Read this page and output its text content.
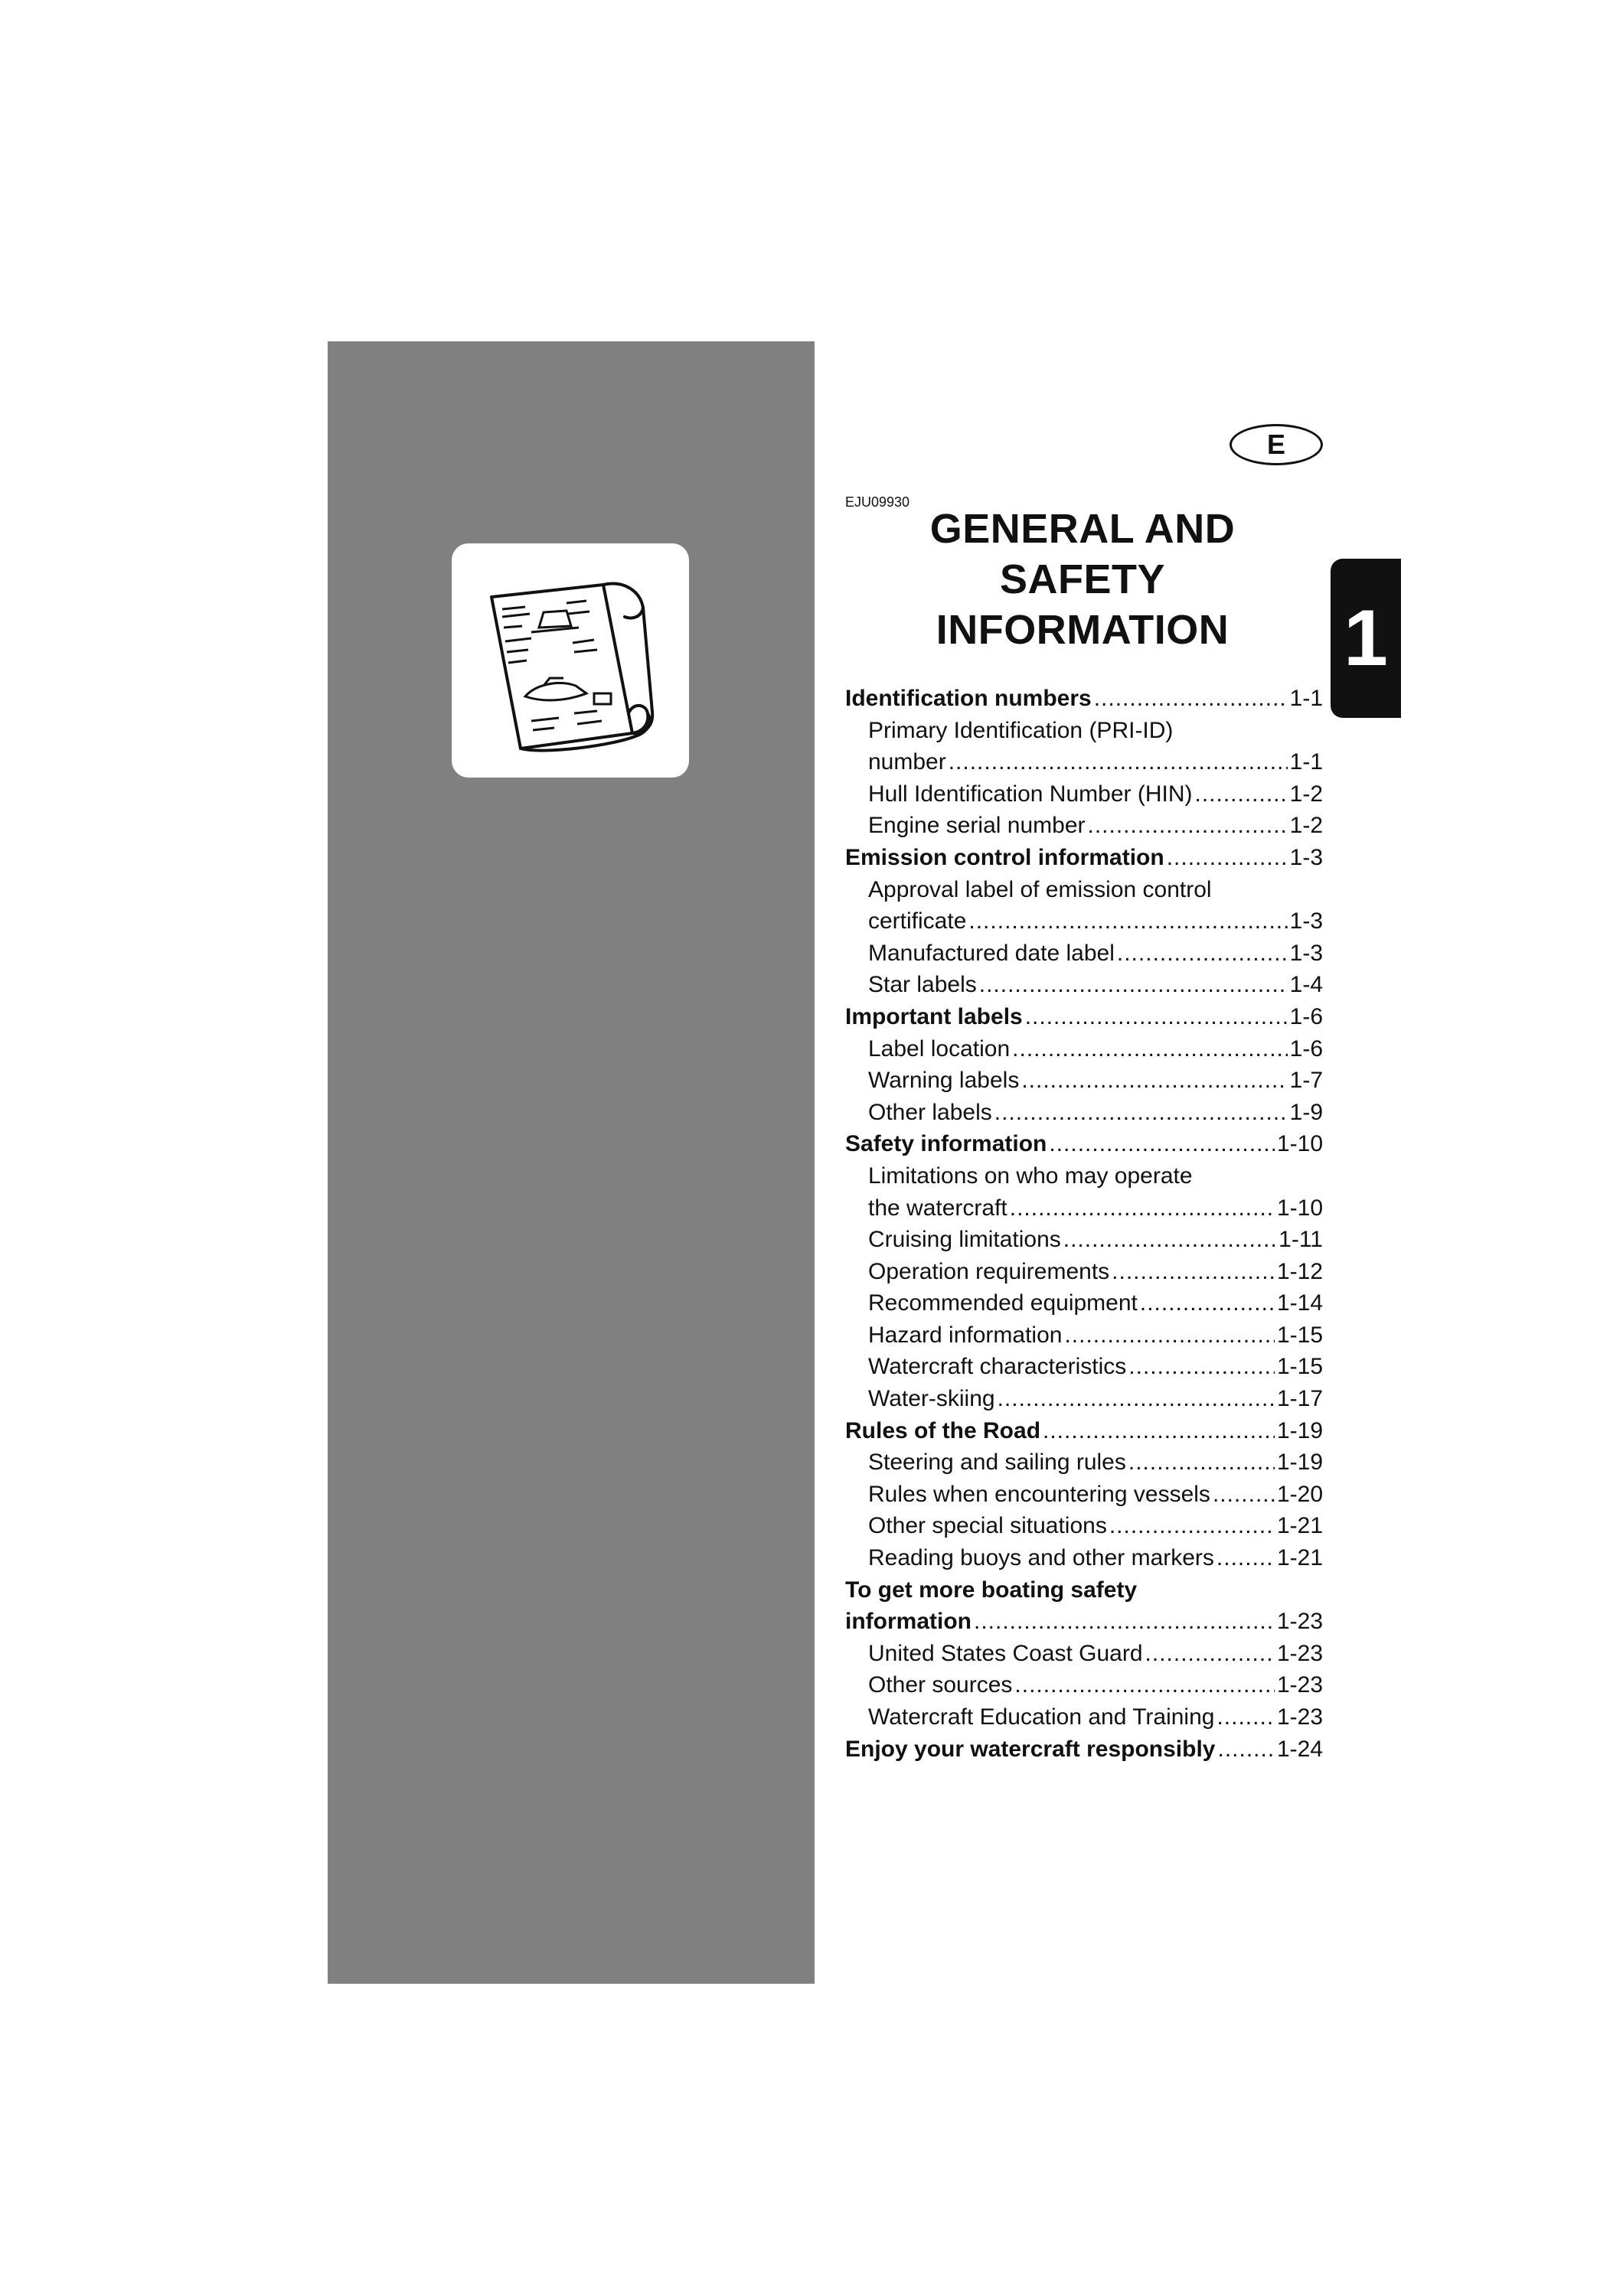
E
EJU09930
GENERAL AND
SAFETY
INFORMATION	1
Identification numbers .....	1-1
Primary Identification (PRI-ID)
number .....	1-1
Hull Identification Number (HIN) .....	1-2
Engine serial number .....	1-2
Emission control information .....	1-3
Approval label of emission control
certificate .....	1-3
Manufactured date label .....	1-3
Star labels .....	1-4
Important labels .....	1-6
Label location .....	1-6
Warning labels .....	1-7
Other labels .....	1-9
Safety information .....	1-10
Limitations on who may operate
the watercraft .....	1-10
Cruising limitations .....	1-11
Operation requirements .....	1-12
Recommended equipment .....	1-14
Hazard information .....	1-15
Watercraft characteristics .....	1-15
Water-skiing .....	1-17
Rules of the Road .....	1-19
Steering and sailing rules .....	1-19
Rules when encountering vessels .....	1-20
Other special situations .....	1-21
Reading buoys and other markers .....	1-21
To get more boating safety
information .....	1-23
United States Coast Guard .....	1-23
Other sources .....	1-23
Watercraft Education and Training .....	1-23
Enjoy your watercraft responsibly .....	1-24
